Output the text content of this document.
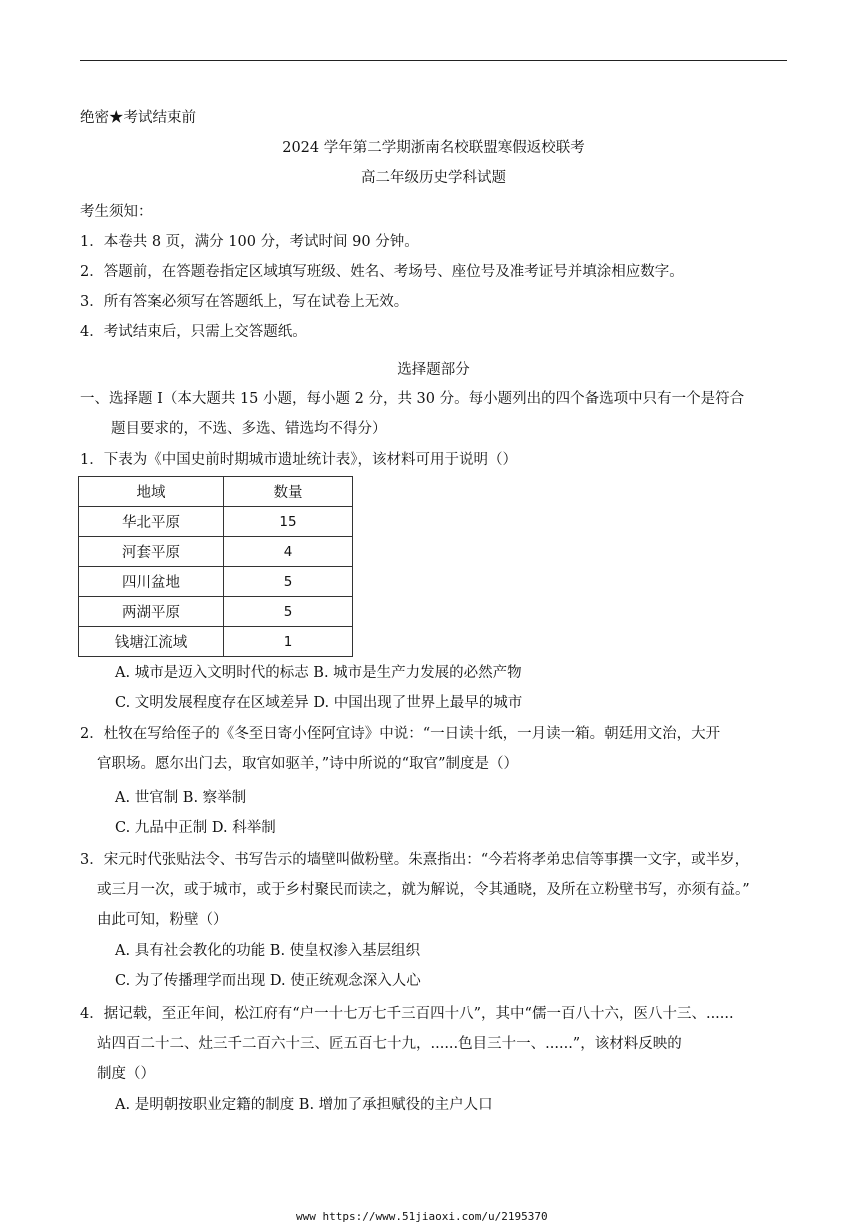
绝密★考试结束前
2024 学年第二学期浙南名校联盟寒假返校联考
高二年级历史学科试题
考生须知：
1．本卷共 8 页，满分 100 分，考试时间 90 分钟。
2．答题前，在答题卷指定区域填写班级、姓名、考场号、座位号及准考证号并填涂相应数字。
3．所有答案必须写在答题纸上，写在试卷上无效。
4．考试结束后，只需上交答题纸。
选择题部分
一、选择题 I（本大题共 15 小题，每小题 2 分，共 30 分。每小题列出的四个备选项中只有一个是符合
题目要求的，不选、多选、错选均不得分）
1．下表为《中国史前时期城市遗址统计表》，该材料可用于说明（）
地域	数量
华北平原	15
河套平原	4
四川盆地	5
两湖平原	5
钱塘江流域	1
A. 城市是迈入文明时代的标志 B. 城市是生产力发展的必然产物
C. 文明发展程度存在区域差异 D. 中国出现了世界上最早的城市
2．杜牧在写给侄子的《冬至日寄小侄阿宜诗》中说：“一日读十纸，一月读一箱。朝廷用文治，大开
官职场。愿尔出门去，取官如驱羊，”诗中所说的“取官”制度是（）
A. 世官制 B. 察举制
C. 九品中正制 D. 科举制
3．宋元时代张贴法令、书写告示的墙壁叫做粉壁。朱熹指出：“今若将孝弟忠信等事撰一文字，或半岁，
或三月一次，或于城市，或于乡村聚民而读之，就为解说，令其通晓，及所在立粉壁书写，亦须有益。”
由此可知，粉壁（）
A. 具有社会教化的功能 B. 使皇权渗入基层组织
C. 为了传播理学而出现 D. 使正统观念深入人心
4．据记载，至正年间，松江府有“户一十七万七千三百四十八”，其中“儒一百八十六，医八十三、......
站四百二十二、灶三千二百六十三、匠五百七十九，......色目三十一、......”，该材料反映的
制度（）
A. 是明朝按职业定籍的制度 B. 增加了承担赋役的主户人口
www https://www.51jiaoxi.com/u/2195370
